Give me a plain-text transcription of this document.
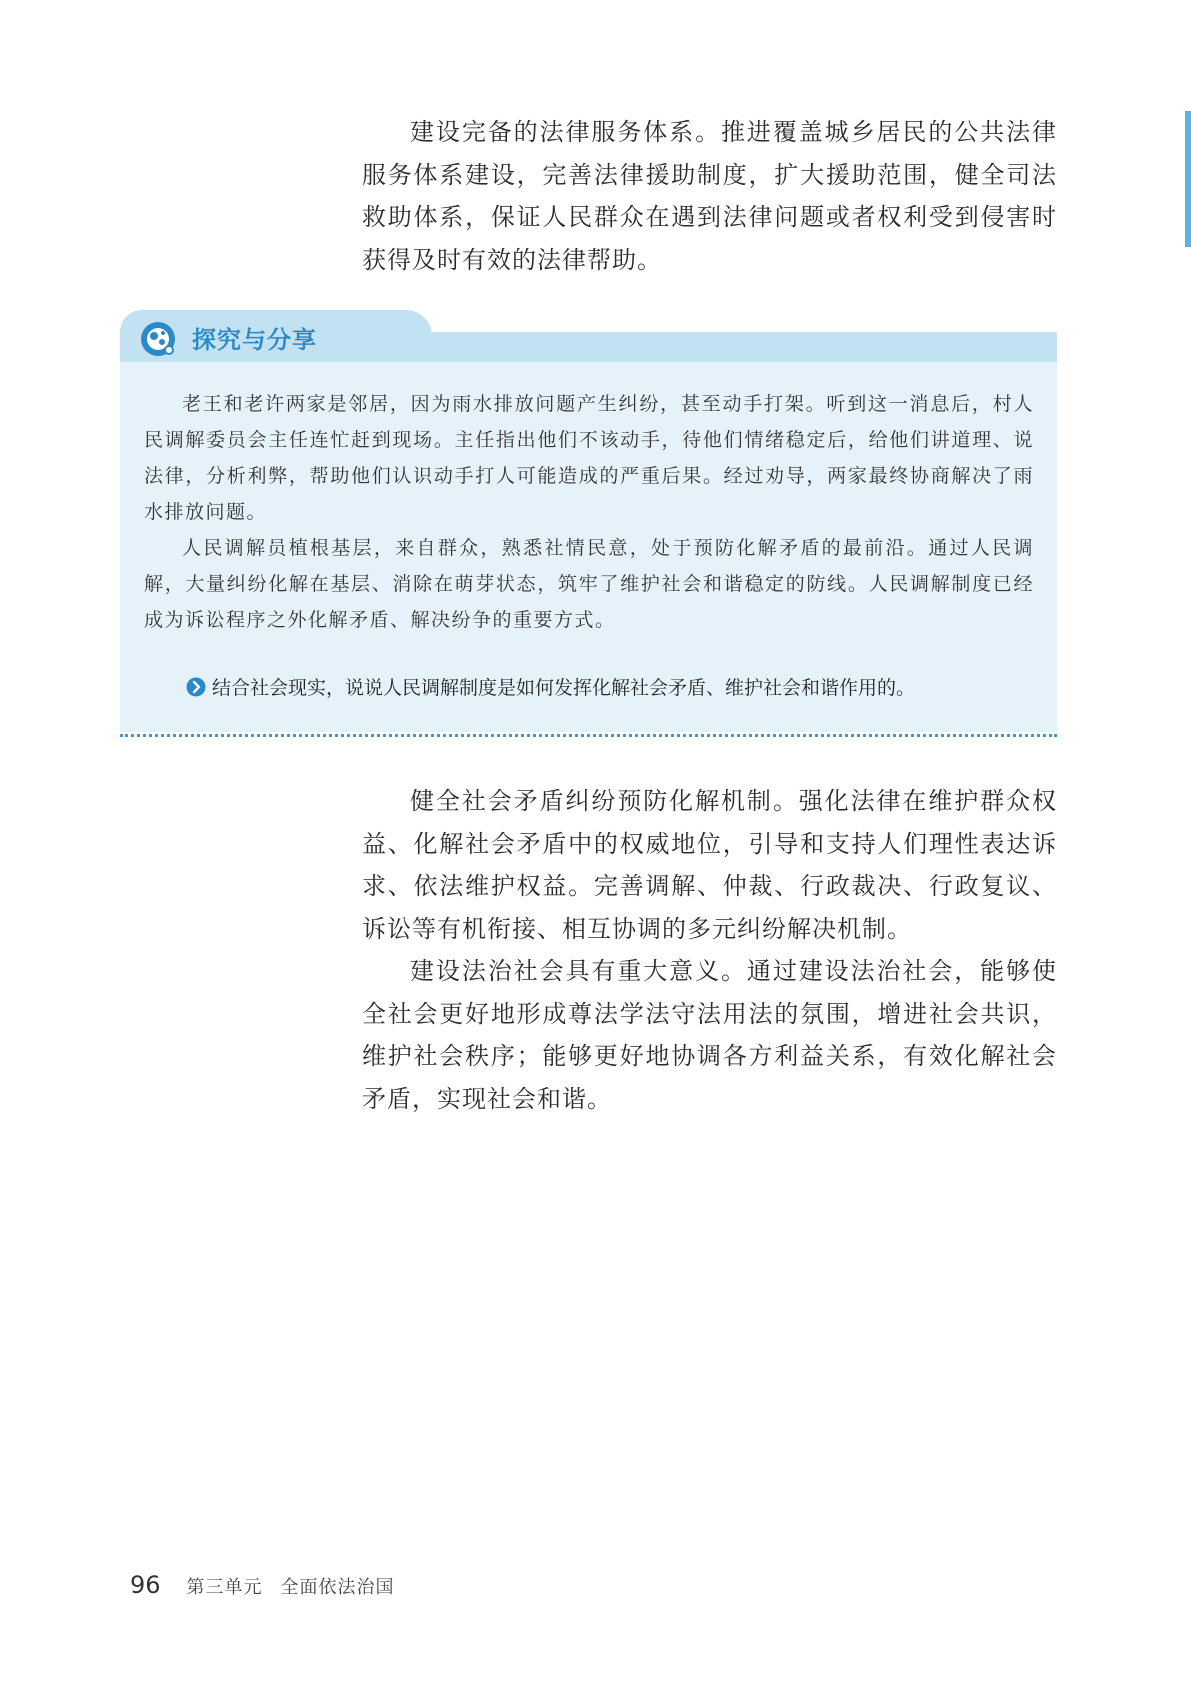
建设完备的法律服务体系。推进覆盖城乡居民的公共法律服务体系建设，完善法律援助制度，扩大援助范围，健全司法救助体系，保证人民群众在遇到法律问题或者权利受到侵害时获得及时有效的法律帮助。

探究与分享

老王和老许两家是邻居，因为雨水排放问题产生纠纷，甚至动手打架。听到这一消息后，村人民调解委员会主任连忙赶到现场。主任指出他们不该动手，待他们情绪稳定后，给他们讲道理、说法律，分析利弊，帮助他们认识动手打人可能造成的严重后果。经过劝导，两家最终协商解决了雨水排放问题。

人民调解员植根基层，来自群众，熟悉社情民意，处于预防化解矛盾的最前沿。通过人民调解，大量纠纷化解在基层、消除在萌芽状态，筑牢了维护社会和谐稳定的防线。人民调解制度已经成为诉讼程序之外化解矛盾、解决纷争的重要方式。

结合社会现实，说说人民调解制度是如何发挥化解社会矛盾、维护社会和谐作用的。

健全社会矛盾纠纷预防化解机制。强化法律在维护群众权益、化解社会矛盾中的权威地位，引导和支持人们理性表达诉求、依法维护权益。完善调解、仲裁、行政裁决、行政复议、诉讼等有机衔接、相互协调的多元纠纷解决机制。

建设法治社会具有重大意义。通过建设法治社会，能够使全社会更好地形成尊法学法守法用法的氛围，增进社会共识，维护社会秩序；能够更好地协调各方利益关系，有效化解社会矛盾，实现社会和谐。

96 第三单元 全面依法治国
